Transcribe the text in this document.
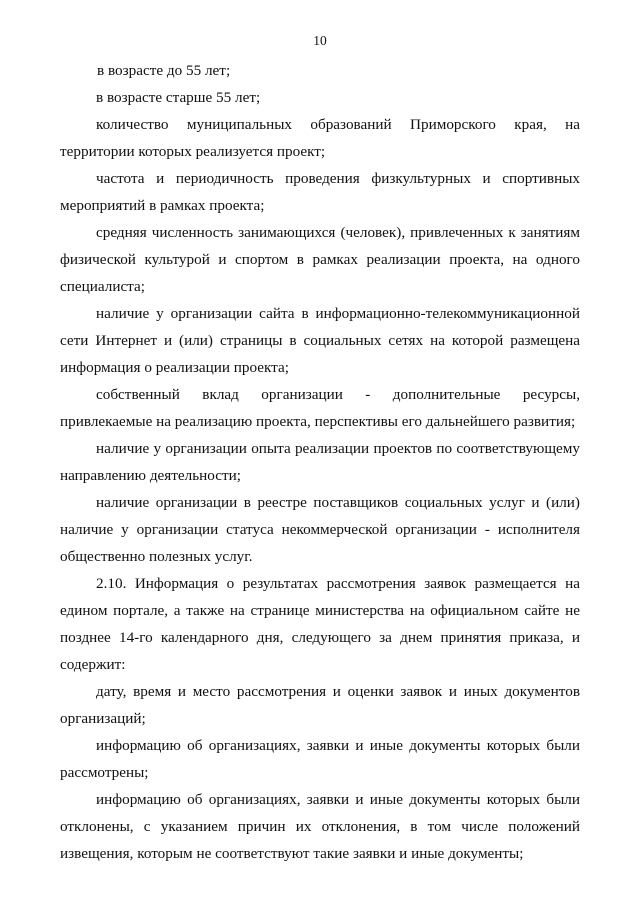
10

в возрасте до 55 лет;

в возрасте старше 55 лет;

количество муниципальных образований Приморского края, на территории которых реализуется проект;

частота и периодичность проведения физкультурных и спортивных мероприятий в рамках проекта;

средняя численность занимающихся (человек), привлеченных к занятиям физической культурой и спортом в рамках реализации проекта, на одного специалиста;

наличие у организации сайта в информационно-телекоммуникационной сети Интернет и (или) страницы в социальных сетях на которой размещена информация о реализации проекта;

собственный вклад организации - дополнительные ресурсы, привлекаемые на реализацию проекта, перспективы его дальнейшего развития;

наличие у организации опыта реализации проектов по соответствующему направлению деятельности;

наличие организации в реестре поставщиков социальных услуг и (или) наличие у организации статуса некоммерческой организации - исполнителя общественно полезных услуг.

2.10. Информация о результатах рассмотрения заявок размещается на едином портале, а также на странице министерства на официальном сайте не позднее 14-го календарного дня, следующего за днем принятия приказа, и содержит:

дату, время и место рассмотрения и оценки заявок и иных документов организаций;

информацию об организациях, заявки и иные документы которых были рассмотрены;

информацию об организациях, заявки и иные документы которых были отклонены, с указанием причин их отклонения, в том числе положений извещения, которым не соответствуют такие заявки и иные документы;
